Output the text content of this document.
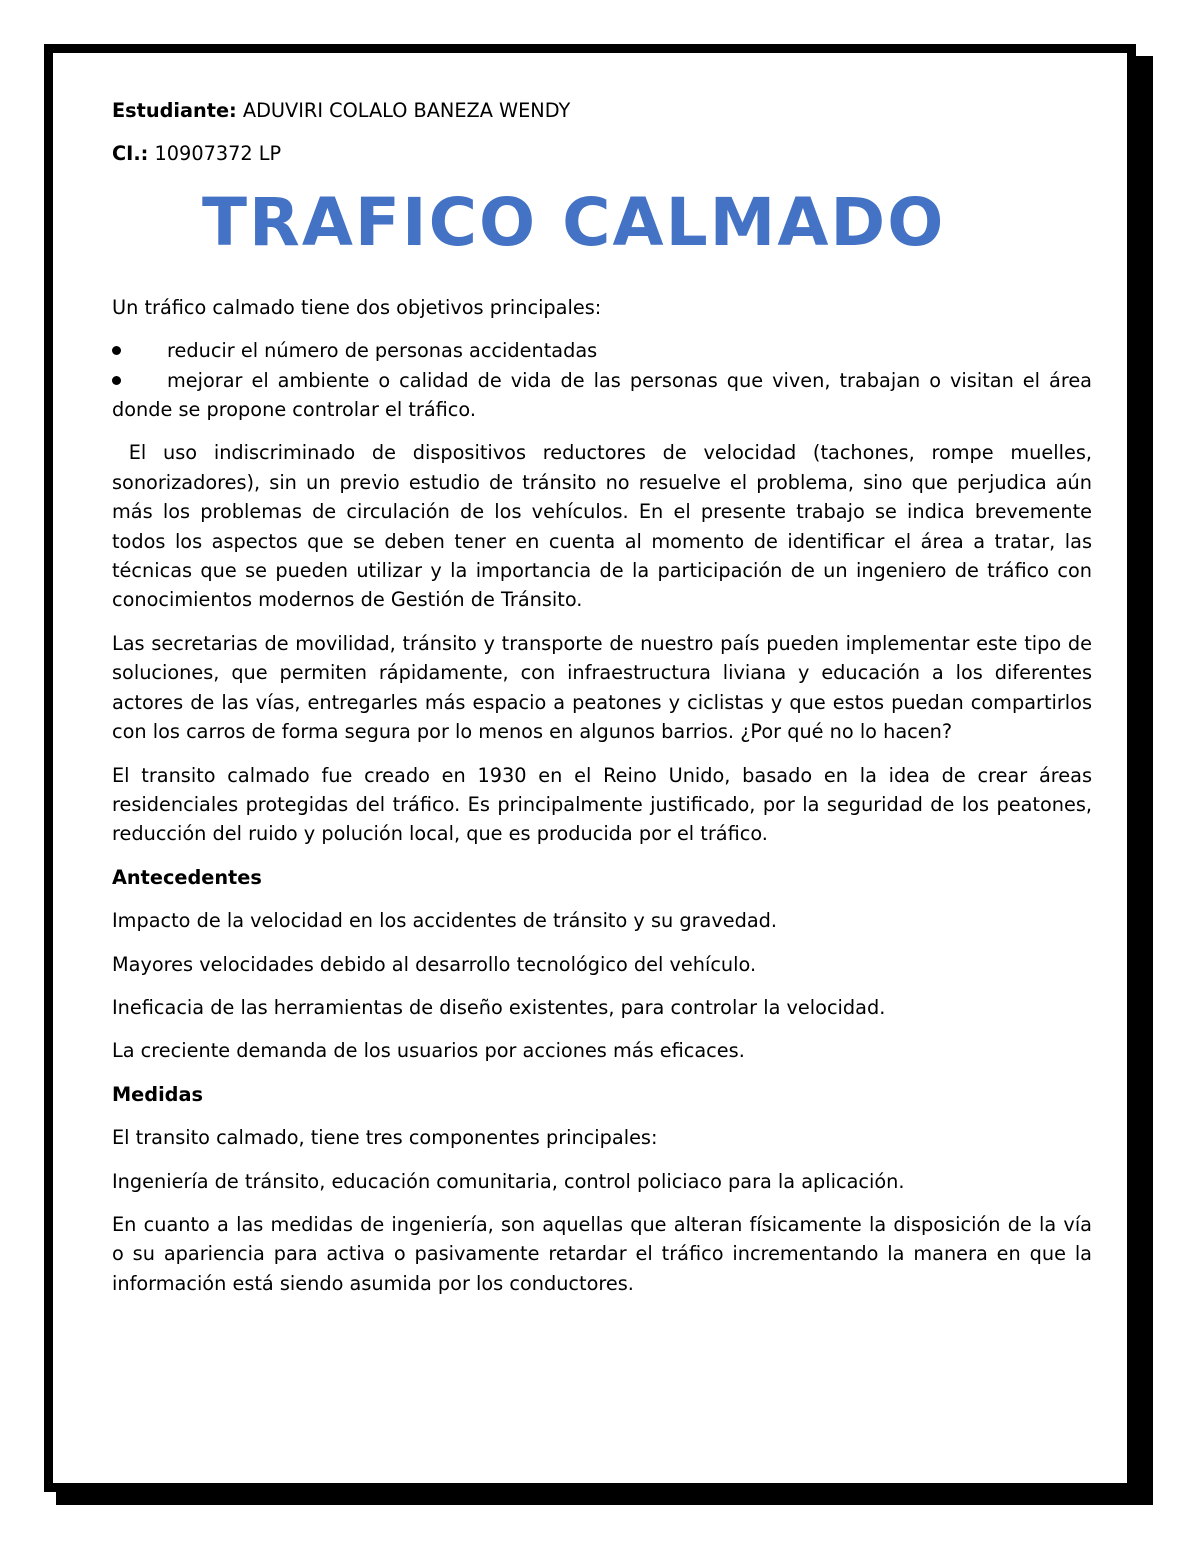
Estudiante: ADUVIRI COLALO BANEZA WENDY
CI.: 10907372 LP
TRAFICO CALMADO

Un tráfico calmado tiene dos objetivos principales:

reducir el número de personas accidentadas
mejorar el ambiente o calidad de vida de las personas que viven, trabajan o visitan el área donde se propone controlar el tráfico.

El uso indiscriminado de dispositivos reductores de velocidad (tachones, rompe muelles, sonorizadores), sin un previo estudio de tránsito no resuelve el problema, sino que perjudica aún más los problemas de circulación de los vehículos. En el presente trabajo se indica brevemente todos los aspectos que se deben tener en cuenta al momento de identificar el área a tratar, las técnicas que se pueden utilizar y la importancia de la participación de un ingeniero de tráfico con conocimientos modernos de Gestión de Tránsito.

Las secretarias de movilidad, tránsito y transporte de nuestro país pueden implementar este tipo de soluciones, que permiten rápidamente, con infraestructura liviana y educación a los diferentes actores de las vías, entregarles más espacio a peatones y ciclistas y que estos puedan compartirlos con los carros de forma segura por lo menos en algunos barrios. ¿Por qué no lo hacen?

El transito calmado fue creado en 1930 en el Reino Unido, basado en la idea de crear áreas residenciales protegidas del tráfico. Es principalmente justificado, por la seguridad de los peatones, reducción del ruido y polución local, que es producida por el tráfico.

Antecedentes

Impacto de la velocidad en los accidentes de tránsito y su gravedad.

Mayores velocidades debido al desarrollo tecnológico del vehículo.

Ineficacia de las herramientas de diseño existentes, para controlar la velocidad.

La creciente demanda de los usuarios por acciones más eficaces.

Medidas

El transito calmado, tiene tres componentes principales:

Ingeniería de tránsito, educación comunitaria, control policiaco para la aplicación.

En cuanto a las medidas de ingeniería, son aquellas que alteran físicamente la disposición de la vía o su apariencia para activa o pasivamente retardar el tráfico incrementando la manera en que la información está siendo asumida por los conductores.
